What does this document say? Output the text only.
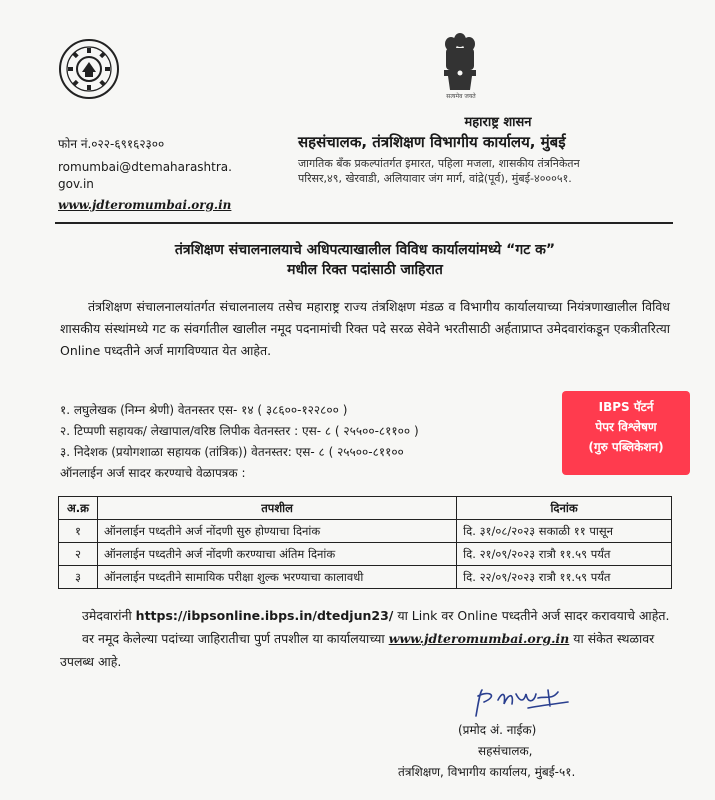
सत्यमेव जयते
फोन नं.०२२-६९१६२३००
romumbai@dtemaharashtra.
gov.in
www.jdteromumbai.org.in
महाराष्ट्र शासन
सहसंचालक, तंत्रशिक्षण विभागीय कार्यालय, मुंबई
जागतिक बँक प्रकल्पांतर्गत इमारत, पहिला मजला, शासकीय तंत्रनिकेतन
परिसर,४९, खेरवाडी, अलियावार जंग मार्ग, वांद्रे(पूर्व), मुंबई-४०००५१.
तंत्रशिक्षण संचालनालयाचे अधिपत्याखालील विविध कार्यालयांमध्ये “गट क”
मधील रिक्त पदांसाठी जाहिरात
तंत्रशिक्षण संचालनालयांतर्गत संचालनालय तसेच महाराष्ट्र राज्य तंत्रशिक्षण मंडळ व विभागीय कार्यालयाच्या नियंत्रणाखालील विविध शासकीय संस्थांमध्ये गट क संवर्गातील खालील नमूद पदनामांची रिक्त पदे सरळ सेवेने भरतीसाठी अर्हताप्राप्त उमेदवारांकडून एकत्रीतरित्या Online पध्दतीने अर्ज मागविण्यात येत आहेत.
१. लघुलेखक (निम्न श्रेणी) वेतनस्तर एस- १४ ( ३८६००-१२२८०० )
२. टिप्पणी सहायक/ लेखापाल/वरिष्ठ लिपीक वेतनस्तर : एस- ८ ( २५५००-८११०० )
३. निदेशक (प्रयोगशाळा सहायक (तांत्रिक)) वेतनस्तर: एस- ८ ( २५५००-८११००
ऑनलाईन अर्ज सादर करण्याचे वेळापत्रक :
IBPS पॅटर्न
पेपर विश्लेषण
(गुरु पब्लिकेशन)
अ.क्र	तपशील	दिनांक
१	ऑनलाईन पध्दतीने अर्ज नोंदणी सुरु होण्याचा दिनांक	दि. ३१/०८/२०२३ सकाळी ११ पासून
२	ऑनलाईन पध्दतीने अर्ज नोंदणी करण्याचा अंतिम दिनांक	दि. २१/०९/२०२३ रात्रौ ११.५९ पर्यंत
३	ऑनलाईन पध्दतीने सामायिक परीक्षा शुल्क भरण्याचा कालावधी	दि. २२/०९/२०२३ रात्रौ ११.५९ पर्यंत

उमेदवारांनी https://ibpsonline.ibps.in/dtedjun23/ या Link वर Online पध्दतीने अर्ज सादर करावयाचे आहेत.

वर नमूद केलेल्या पदांच्या जाहिरातीचा पुर्ण तपशील या कार्यालयाच्या www.jdteromumbai.org.in या संकेत स्थळावर उपलब्ध आहे.

(प्रमोद अं. नाईक)
सहसंचालक,
तंत्रशिक्षण, विभागीय कार्यालय, मुंबई-५१.
